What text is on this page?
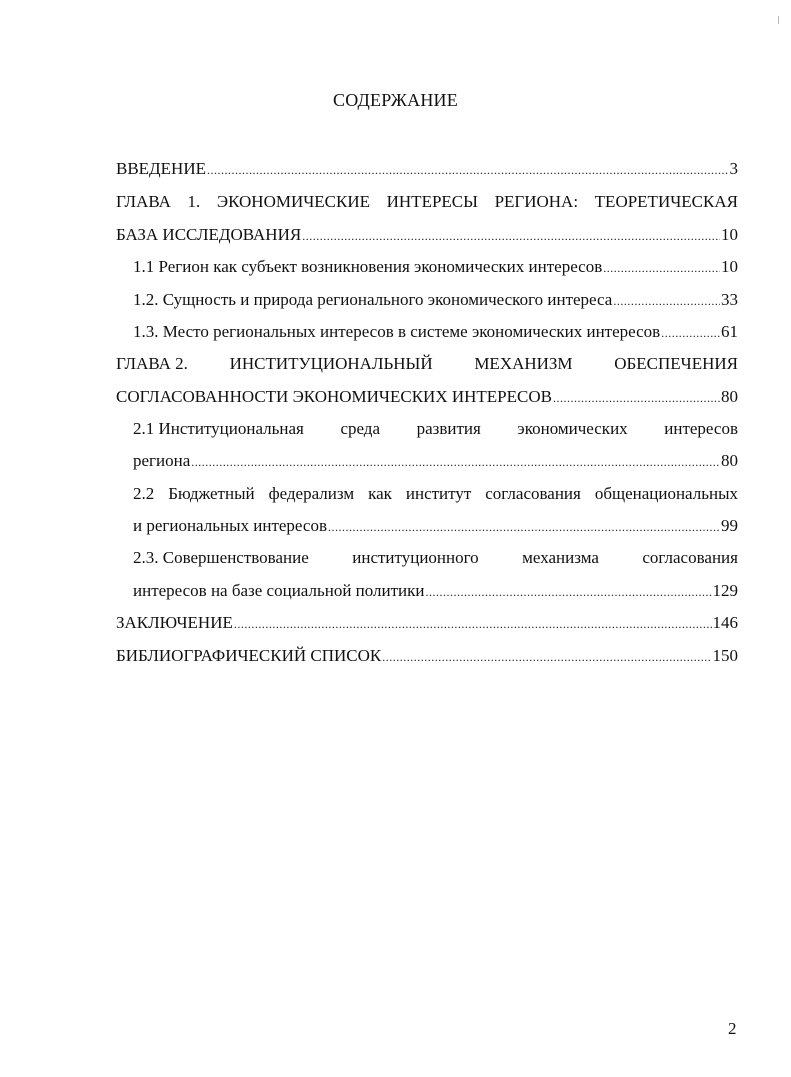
СОДЕРЖАНИЕ
ВВЕДЕНИЕ .....	3
ГЛАВА 1. ЭКОНОМИЧЕСКИЕ ИНТЕРЕСЫ РЕГИОНА: ТЕОРЕТИЧЕСКАЯ
БАЗА ИССЛЕДОВАНИЯ .....	10
1.1 Регион как субъект возникновения экономических интересов .....	10
1.2. Сущность и природа регионального экономического интереса .....	33
1.3. Место региональных интересов в системе экономических интересов .....	61
ГЛАВА 2. ИНСТИТУЦИОНАЛЬНЫЙ МЕХАНИЗМ ОБЕСПЕЧЕНИЯ
СОГЛАСОВАННОСТИ ЭКОНОМИЧЕСКИХ ИНТЕРЕСОВ .....	80
2.1 Институциональная среда развития экономических интересов
региона .....	80
2.2 Бюджетный федерализм как институт согласования общенациональных
и региональных интересов .....	99
2.3. Совершенствование	институционного	механизма	согласования
интересов на базе социальной политики .....	129
ЗАКЛЮЧЕНИЕ .....	146
БИБЛИОГРАФИЧЕСКИЙ СПИСОК .....	150
2
